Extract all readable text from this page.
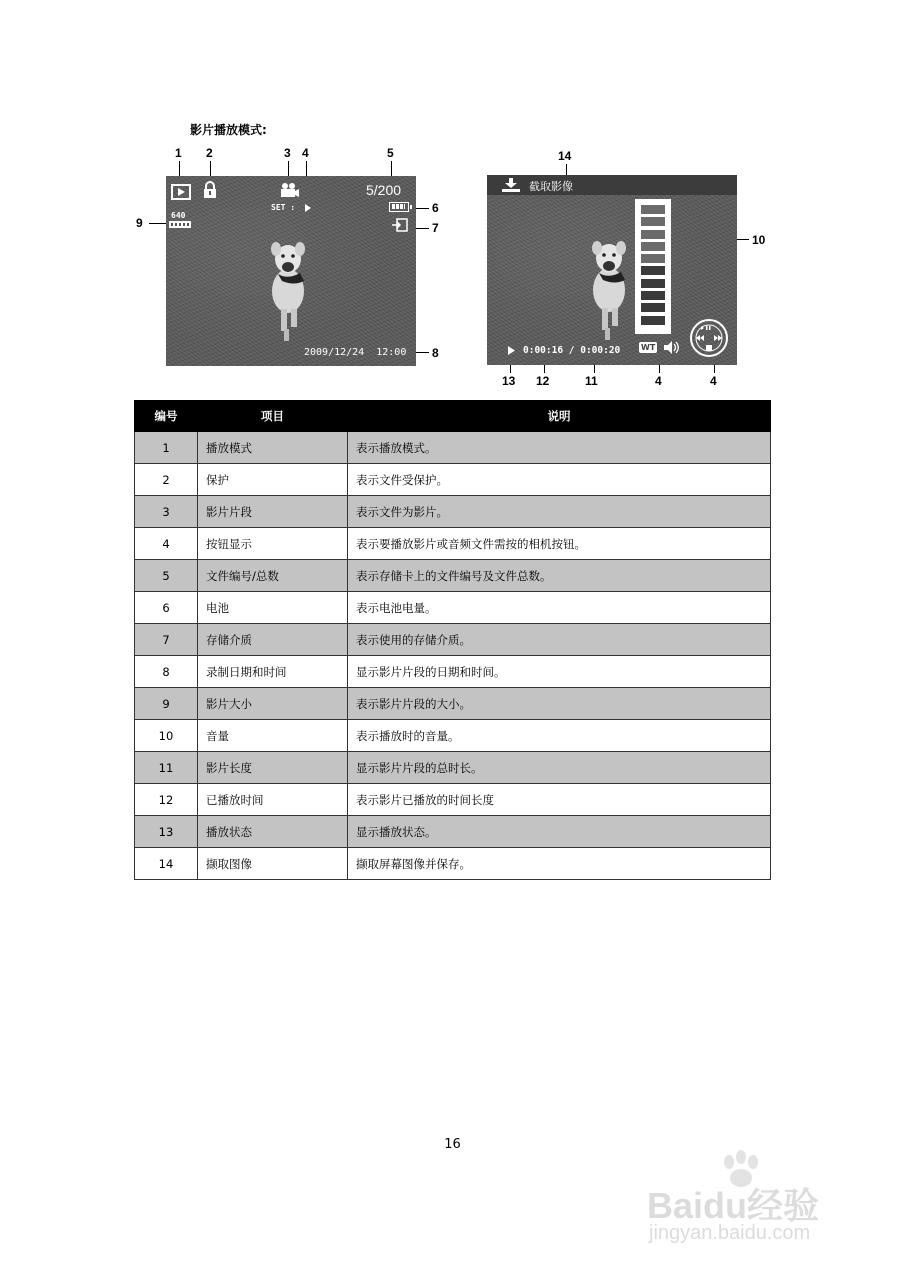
影片播放模式:
1 2	3 4	5
9
6
7
8
SET :
5/200
640
2009/12/24  12:00
14
10
13 12	11	4	4
截取影像
0:00:16 / 0:00:20	WT
编号	项目	说明
1	播放模式	表示播放模式。
2	保护	表示文件受保护。
3	影片片段	表示文件为影片。
4	按钮显示	表示要播放影片或音频文件需按的相机按钮。
5	文件编号/总数	表示存储卡上的文件编号及文件总数。
6	电池	表示电池电量。
7	存储介质	表示使用的存储介质。
8	录制日期和时间	显示影片片段的日期和时间。
9	影片大小	表示影片片段的大小。
10	音量	表示播放时的音量。
11	影片长度	显示影片片段的总时长。
12	已播放时间	表示影片已播放的时间长度
13	播放状态	显示播放状态。
14	撷取图像	撷取屏幕图像并保存。
16
Baidu经验
jingyan.baidu.com
